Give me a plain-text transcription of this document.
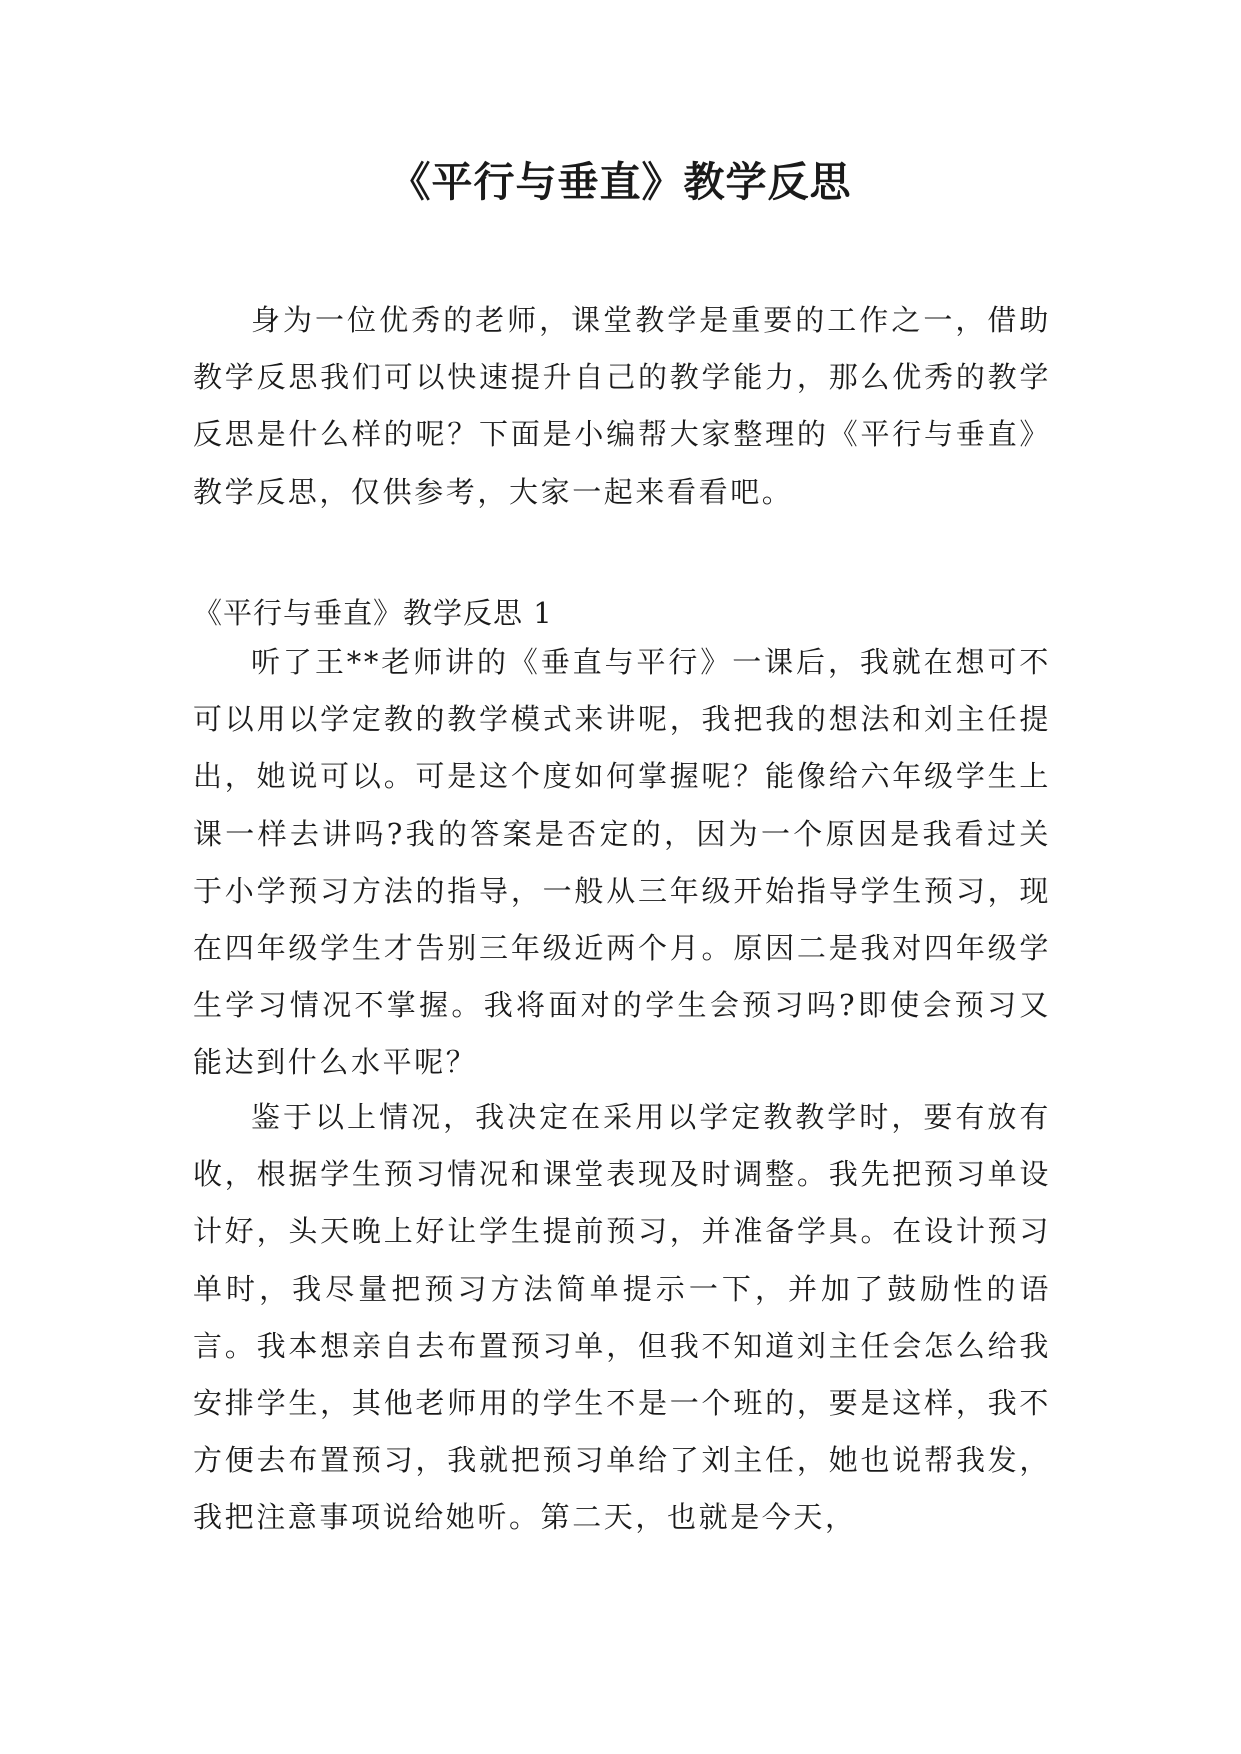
《平行与垂直》教学反思

身为一位优秀的老师，课堂教学是重要的工作之一，借助教学反思我们可以快速提升自己的教学能力，那么优秀的教学反思是什么样的呢？下面是小编帮大家整理的《平行与垂直》教学反思，仅供参考，大家一起来看看吧。

《平行与垂直》教学反思 1

听了王**老师讲的《垂直与平行》一课后，我就在想可不可以用以学定教的教学模式来讲呢，我把我的想法和刘主任提出，她说可以。可是这个度如何掌握呢？能像给六年级学生上课一样去讲吗?我的答案是否定的，因为一个原因是我看过关于小学预习方法的指导，一般从三年级开始指导学生预习，现在四年级学生才告别三年级近两个月。原因二是我对四年级学生学习情况不掌握。我将面对的学生会预习吗?即使会预习又能达到什么水平呢？

鉴于以上情况，我决定在采用以学定教教学时，要有放有收，根据学生预习情况和课堂表现及时调整。我先把预习单设计好，头天晚上好让学生提前预习，并准备学具。在设计预习单时，我尽量把预习方法简单提示一下，并加了鼓励性的语言。我本想亲自去布置预习单，但我不知道刘主任会怎么给我安排学生，其他老师用的学生不是一个班的，要是这样，我不方便去布置预习，我就把预习单给了刘主任，她也说帮我发，我把注意事项说给她听。第二天，也就是今天，
